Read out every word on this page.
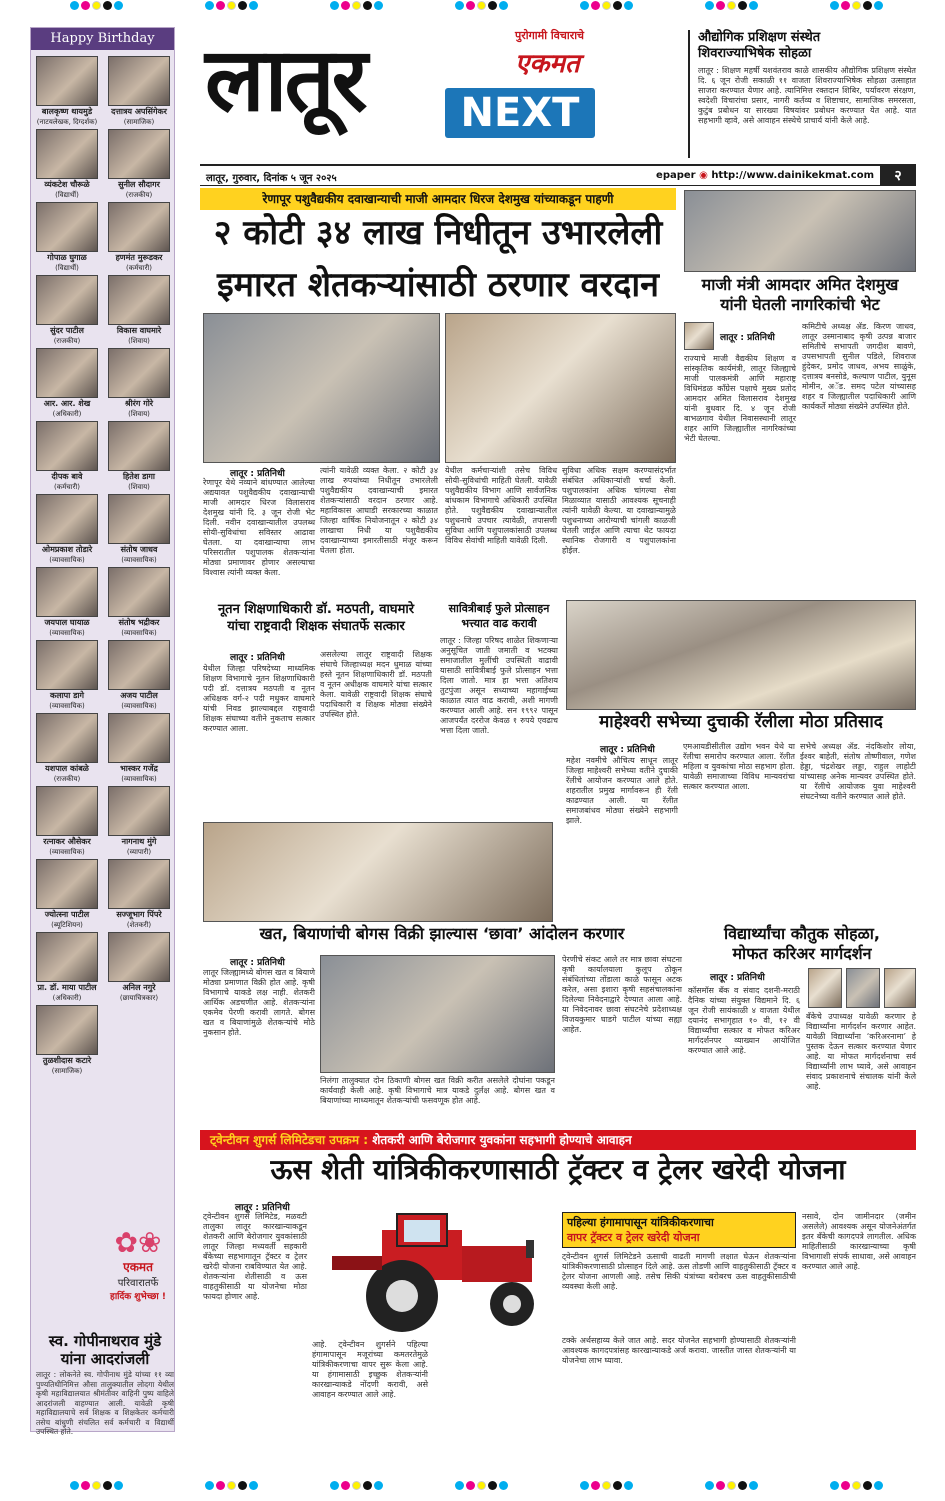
Happy Birthday
बालकृष्ण थायमुडे
(नाटयलेखक, दिग्दर्शक)
दत्तात्रय अपसिंगेकर
(सामाजिक)
व्यंकटेश चौरूळे
(विद्यार्थी)
सुनील सौदागर
(राजकीय)
गोपाळ घुगाळ
(विद्यार्थी)
हणमंत मुरूडकर
(कर्मचारी)
सुंदर पाटील
(राजकीय)
विकास वाघमारे
(शिवाय)
आर. आर. शेख
(अधिकारी)
श्रीरंग गोरे
(शिवाय)
दीपक बावे
(कर्मचारी)
हितेश डागा
(शिवाय)
ओमप्रकाश तोडारे
(व्यावसायिक)
संतोष जाधव
(व्यावसायिक)
जयपाल घायाळ
(व्यावसायिक)
संतोष भद्रीकर
(व्यावसायिक)
कलापा डागे
(व्यावसायिक)
अजय पाटील
(व्यावसायिक)
यशपाल कांबळे
(राजकीय)
भास्कर गजेंद्र
(व्यावसायिक)
रत्नाकर औसेकर
(व्यावसायिक)
नागनाथ मुंगे
(व्यापारी)
ज्योत्स्ना पाटील
(ब्यूटिशियन)
सज्जूभाग पिंपरे
(शेतकरी)
प्रा. डॉ. माया पाटील
(अधिकारी)
अनिल नगुरे
(छायाचित्रकार)
तुळशीदास कटारे
(सामाजिक)
✿❀
एकमत
परिवारातर्फे
हार्दिक शुभेच्छा !
स्व. गोपीनाथराव मुंडे यांना आदरांजली
लातूर : लोकनेते स्व. गोपीनाथ मुंडे यांच्या ११ व्या पुण्यतिथीनिमित्त औसा तालुक्यातील लोदगा येथील कृषी महाविद्यालयात श्रीमंतीवर वाहिनी पुष्प वाहिले आदरांजली वाहण्यात आली. यावेळी कृषी महाविद्यालयाचे सर्व शिक्षक व शिक्षकेतर कर्मचारी तसेच बांधुणी संचलित सर्व कर्मचारी व विद्यार्थी उपस्थित होते.
लातूर	NEXT
पुरोगामी विचाराचे
एकमत
औद्योगिक प्रशिक्षण संस्थेत
शिवराज्याभिषेक सोहळा
लातूर : शिक्षण महर्षी यशवंतराव काळे शासकीय औद्योगिक प्रशिक्षण संस्थेत दि. ६ जून रोजी सकाळी ११ वाजता शिवराज्याभिषेक सोहळा उत्साहात साजरा करण्यात येणार आहे. त्यानिमित्त रक्तदान शिबिर, पर्यावरण संरक्षण, स्वदेशी विचारांचा प्रसार, नागरी कर्तव्य व शिष्टाचार, सामाजिक समरसता, कुटुंब प्रबोधन या सारख्या विषयांवर प्रबोधन करण्यात येत आहे. यात सहभागी व्हावे, असे आवाहन संस्थेचे प्राचार्य यांनी केले आहे.
लातूर, गुरुवार, दिनांक ५ जून २०२५	epaper ◉ http://www.dainikekmat.com	२
रेणापूर पशुवैद्यकीय दवाखान्याची माजी आमदार धिरज देशमुख यांच्याकडून पाहणी
२ कोटी ३४ लाख निधीतून उभारलेली
इमारत शेतकऱ्यांसाठी ठरणार वरदान
लातूर : प्रतिनिधी
रेणापूर येथे नव्याने बांधण्यात आलेल्या अद्ययावत पशुवैद्यकीय दवाखान्याची माजी आमदार धिरज विलासराव देशमुख यांनी दि. ३ जून रोजी भेट दिली. नवीन दवाखान्यातील उपलब्ध सोयी-सुविधांचा सविस्तर आढावा घेतला. या दवाखान्याचा लाभ परिसरातील पशुपालक शेतकऱ्यांना मोठ्या प्रमाणावर होणार असल्याचा विश्वास त्यांनी व्यक्त केला.
त्यांनी यावेळी व्यक्त केला. २ कोटी ३४ लाख रुपयांच्या निधीतून उभारलेली पशुवैद्यकीय दवाखान्याची इमारत शेतकऱ्यांसाठी वरदान ठरणार आहे. महाविकास आघाडी सरकारच्या काळात जिल्हा वार्षिक नियोजनातून २ कोटी ३४ लाखाचा निधी या पशुवैद्यकीय दवाखान्याच्या इमारतीसाठी मंजूर करून घेतला होता.
येथील कर्मचाऱ्यांशी तसेच विविध सोयी-सुविधांची माहिती घेतली. यावेळी पशुवैद्यकीय विभाग आणि सार्वजनिक बांधकाम विभागाचे अधिकारी उपस्थित होते. पशुवैद्यकीय दवाखान्यातील पशुधनाचे उपचार त्यावेळी, तपासणी सुविधा आणि पशुपालकांसाठी उपलब्ध विविध सेवांची माहिती यावेळी दिली.
सुविधा अधिक सक्षम करण्यासंदर्भात संबंधित अधिकाऱ्यांशी चर्चा केली. पशुपालकांना अधिक चांगल्या सेवा मिळाव्यात यासाठी आवश्यक सूचनाही त्यांनी यावेळी केल्या. या दवाखान्यामुळे पशुधनाच्या आरोग्याची चांगली काळजी घेतली जाईल आणि त्याचा थेट फायदा स्थानिक रोजगारी व पशुपालकांना होईल.
माजी मंत्री आमदार अमित देशमुख
यांनी घेतली नागरिकांची भेट
लातूर : प्रतिनिधी
राज्याचे माजी वैद्यकीय शिक्षण व सांस्कृतिक कार्यमंत्री, लातूर जिल्ह्याचे माजी पालकमंत्री आणि महाराष्ट्र विधिमंडळ काँग्रेस पक्षाचे मुख्य प्रतोद आमदार अमित विलासराव देशमुख यांनी बुधवार दि. ४ जून रोजी बाभळगाव येथील निवासस्थानी लातूर शहर आणि जिल्ह्यातील नागरिकांच्या भेटी घेतल्या.
कमिटीचे अध्यक्ष ॲड. किरण जाधव, लातूर उस्मानाबाद कृषी उत्पन्न बाजार समितीचे सभापती जगदीश बावणे, उपसभापती सुनील पडिले, शिवराज हुंदेकर, प्रमोद जाधव, अभय साळुंके, दत्तात्रय बनसोडे, कल्याण पाटील, युनूस मोमीन, अॅड. समद पटेल यांच्यासह शहर व जिल्ह्यातील पदाधिकारी आणि कार्यकर्ते मोठ्या संख्येने उपस्थित होते.
नूतन शिक्षणाधिकारी डॉ. मठपती, वाघमारे
यांचा राष्ट्रवादी शिक्षक संघातर्फे सत्कार
लातूर : प्रतिनिधी
येथील जिल्हा परिषदेच्या माध्यमिक शिक्षण विभागाचे नूतन शिक्षणाधिकारी पदी डॉ. दत्तात्रय मठपती व नूतन अधिक्षक वर्ग-२ पदी मधुकर वाघमारे यांची निवड झाल्याबद्दल राष्ट्रवादी शिक्षक संघाच्या वतीने नुकताच सत्कार करण्यात आला.
असलेल्या लातूर राष्ट्रवादी शिक्षक संघाचे जिल्हाध्यक्ष मदन धुमाळ यांच्या हस्ते नूतन शिक्षणाधिकारी डॉ. मठपती व नूतन अधीक्षक वाघमारे यांचा सत्कार केला. यावेळी राष्ट्रवादी शिक्षक संघाचे पदाधिकारी व शिक्षक मोठ्या संख्येने उपस्थित होते.
सावित्रीबाई फुले प्रोत्साहन
भत्त्यात वाढ करावी
लातूर : जिल्हा परिषद शाळेत शिकणाऱ्या अनुसूचित जाती जमाती व भटक्या समाजातील मुलींची उपस्थिती वाढावी यासाठी सावित्रीबाई फुले प्रोत्साहन भत्ता दिला जातो. मात्र हा भत्ता अतिशय तुटपुंजा असून सध्याच्या महागाईच्या काळात त्यात वाढ करावी, अशी मागणी करण्यात आली आहे. सन १९९२ पासून आजपर्यंत दररोज केवळ १ रुपये एवढाच भत्ता दिला जातो.	माहेश्वरी सभेच्या दुचाकी रॅलीला मोठा प्रतिसाद
लातूर : प्रतिनिधी
महेश नवमीचे औचित्य साधून लातूर जिल्हा माहेश्वरी सभेच्या वतीने दुचाकी रॅलीचे आयोजन करण्यात आले होते. शहरातील प्रमुख मार्गावरून ही रॅली काढण्यात आली. या रॅलीत समाजबांधव मोठ्या संख्येने सहभागी झाले.
एमआयडीसीतील उद्योग भवन येथे या रॅलीचा समारोप करण्यात आला. रॅलीत महिला व युवकांचा मोठा सहभाग होता. यावेळी समाजाच्या विविध मान्यवरांचा सत्कार करण्यात आला.
सभेचे अध्यक्ष ॲड. नंदकिशोर लोया, ईश्वर बाहेती, संतोष तोष्णीवाल, गणेश हेड्डा, चंद्रशेखर लड्डा, राहुल लाहोटी यांच्यासह अनेक मान्यवर उपस्थित होते. या रॅलीचे आयोजक युवा माहेश्वरी संघटनेच्या वतीने करण्यात आले होते.
खत, बियाणांची बोगस विक्री झाल्यास ‘छावा’ आंदोलन करणार
लातूर : प्रतिनिधी
लातूर जिल्ह्यामध्ये बोगस खत व बियाणे मोठ्या प्रमाणात विक्री होत आहे. कृषी विभागाचे याकडे लक्ष नाही. शेतकरी आर्थिक अडचणीत आहे. शेतकऱ्यांना एकमेव पेरणी करावी लागते. बोगस खत व बियाणांमुळे शेतकऱ्यांचे मोठे नुकसान होते.
निलंगा तालुक्यात दोन ठिकाणी बोगस खत विक्री करीत असलेले दोघांना पकडून कार्यवाही केली आहे. कृषी विभागाचे मात्र याकडे दुर्लक्ष आहे. बोगस खत व बियाणांच्या माध्यमातून शेतकऱ्यांची फसवणूक होत आहे.
पेरणीचे संकट आले तर मात्र छावा संघटना कृषी कार्यालयाला कुलूप ठोकून संबंधितांच्या तोंडाला काळे फासून अटक करेल, असा इशारा कृषी सहसंचालकांना दिलेल्या निवेदनाद्वारे देण्यात आला आहे. या निवेदनावर छावा संघटनेचे प्रदेशाध्यक्ष विजयकुमार घाडगे पाटील यांच्या सह्या आहेत.
विद्यार्थ्यांचा कौतुक सोहळा,
मोफत करिअर मार्गदर्शन
लातूर : प्रतिनिधी
कॉसमॉस बँक व संवाद दशनी-मराठी दैनिक यांच्या संयुक्त विद्यमाने दि. ६ जून रोजी सायंकाळी ४ वाजता येथील दयानंद सभागृहात १० वी, १२ वी विद्यार्थ्यांचा सत्कार व मोफत करिअर मार्गदर्शनपर व्याख्यान आयोजित करण्यात आले आहे.
बँकेचे उपाध्यक्ष यावेळी करणार हे विद्यार्थ्यांना मार्गदर्शन करणार आहेत. यावेळी विद्यार्थ्यांना ‘करिअरनामा’ हे पुस्तक देऊन सत्कार करण्यात येणार आहे. या मोफत मार्गदर्शनाचा सर्व विद्यार्थ्यांनी लाभ घ्यावे, असे आवाहन संवाद प्रकाशनाचे संचालक यांनी केले आहे.
ट्वेन्टीवन शुगर्स लिमिटेडचा उपक्रम : शेतकरी आणि बेरोजगार युवकांना सहभागी होण्याचे आवाहन
ऊस शेती यांत्रिकीकरणासाठी ट्रॅक्टर व ट्रेलर खरेदी योजना
लातूर : प्रतिनिधी
ट्वेन्टीवन शुगर्स लिमिटेड, मळवटी तालुका लातूर कारखान्याकडून शेतकरी आणि बेरोजगार युवकांसाठी लातूर जिल्हा मध्यवर्ती सहकारी बँकेच्या सहभागातून ट्रॅक्टर व ट्रेलर खरेदी योजना राबविण्यात येत आहे. शेतकऱ्यांना शेतीसाठी व ऊस वाहतुकीसाठी या योजनेचा मोठा फायदा होणार आहे.
आहे. ट्वेन्टीवन शुगर्सने पहिल्या हंगामापासून मजूरांच्या कमतरतेमुळे यांत्रिकीकरणाचा वापर सुरू केला आहे. या हंगामासाठी इच्छुक शेतकऱ्यांनी कारखान्याकडे नोंदणी करावी, असे आवाहन करण्यात आले आहे.
पहिल्या हंगामापासून यांत्रिकीकरणाचा
वापर ट्रॅक्टर व ट्रेलर खरेदी योजना
ट्वेन्टीवन शुगर्स लिमिटेडने ऊसाची वाढती मागणी लक्षात घेऊन शेतकऱ्यांना यांत्रिकीकरणासाठी प्रोत्साहन दिले आहे. ऊस तोडणी आणि वाहतुकीसाठी ट्रॅक्टर व ट्रेलर योजना आणली आहे. तसेच सिकी यंत्रांच्या बरोबरच ऊस वाहतुकीसाठीची व्यवस्था केली आहे.
टक्के अर्थसहाय्य केले जात आहे. सदर योजनेत सहभागी होण्यासाठी शेतकऱ्यांनी आवश्यक कागदपत्रांसह कारखान्याकडे अर्ज करावा. जास्तीत जास्त शेतकऱ्यांनी या योजनेचा लाभ घ्यावा.
नसावे, दोन जामीनदार (जमीन असलेले) आवश्यक असून योजनेअंतर्गत इतर बँकेची कागदपत्रे लागतील. अधिक माहितीसाठी कारखान्याच्या कृषी विभागाशी संपर्क साधावा, असे आवाहन करण्यात आले आहे.
